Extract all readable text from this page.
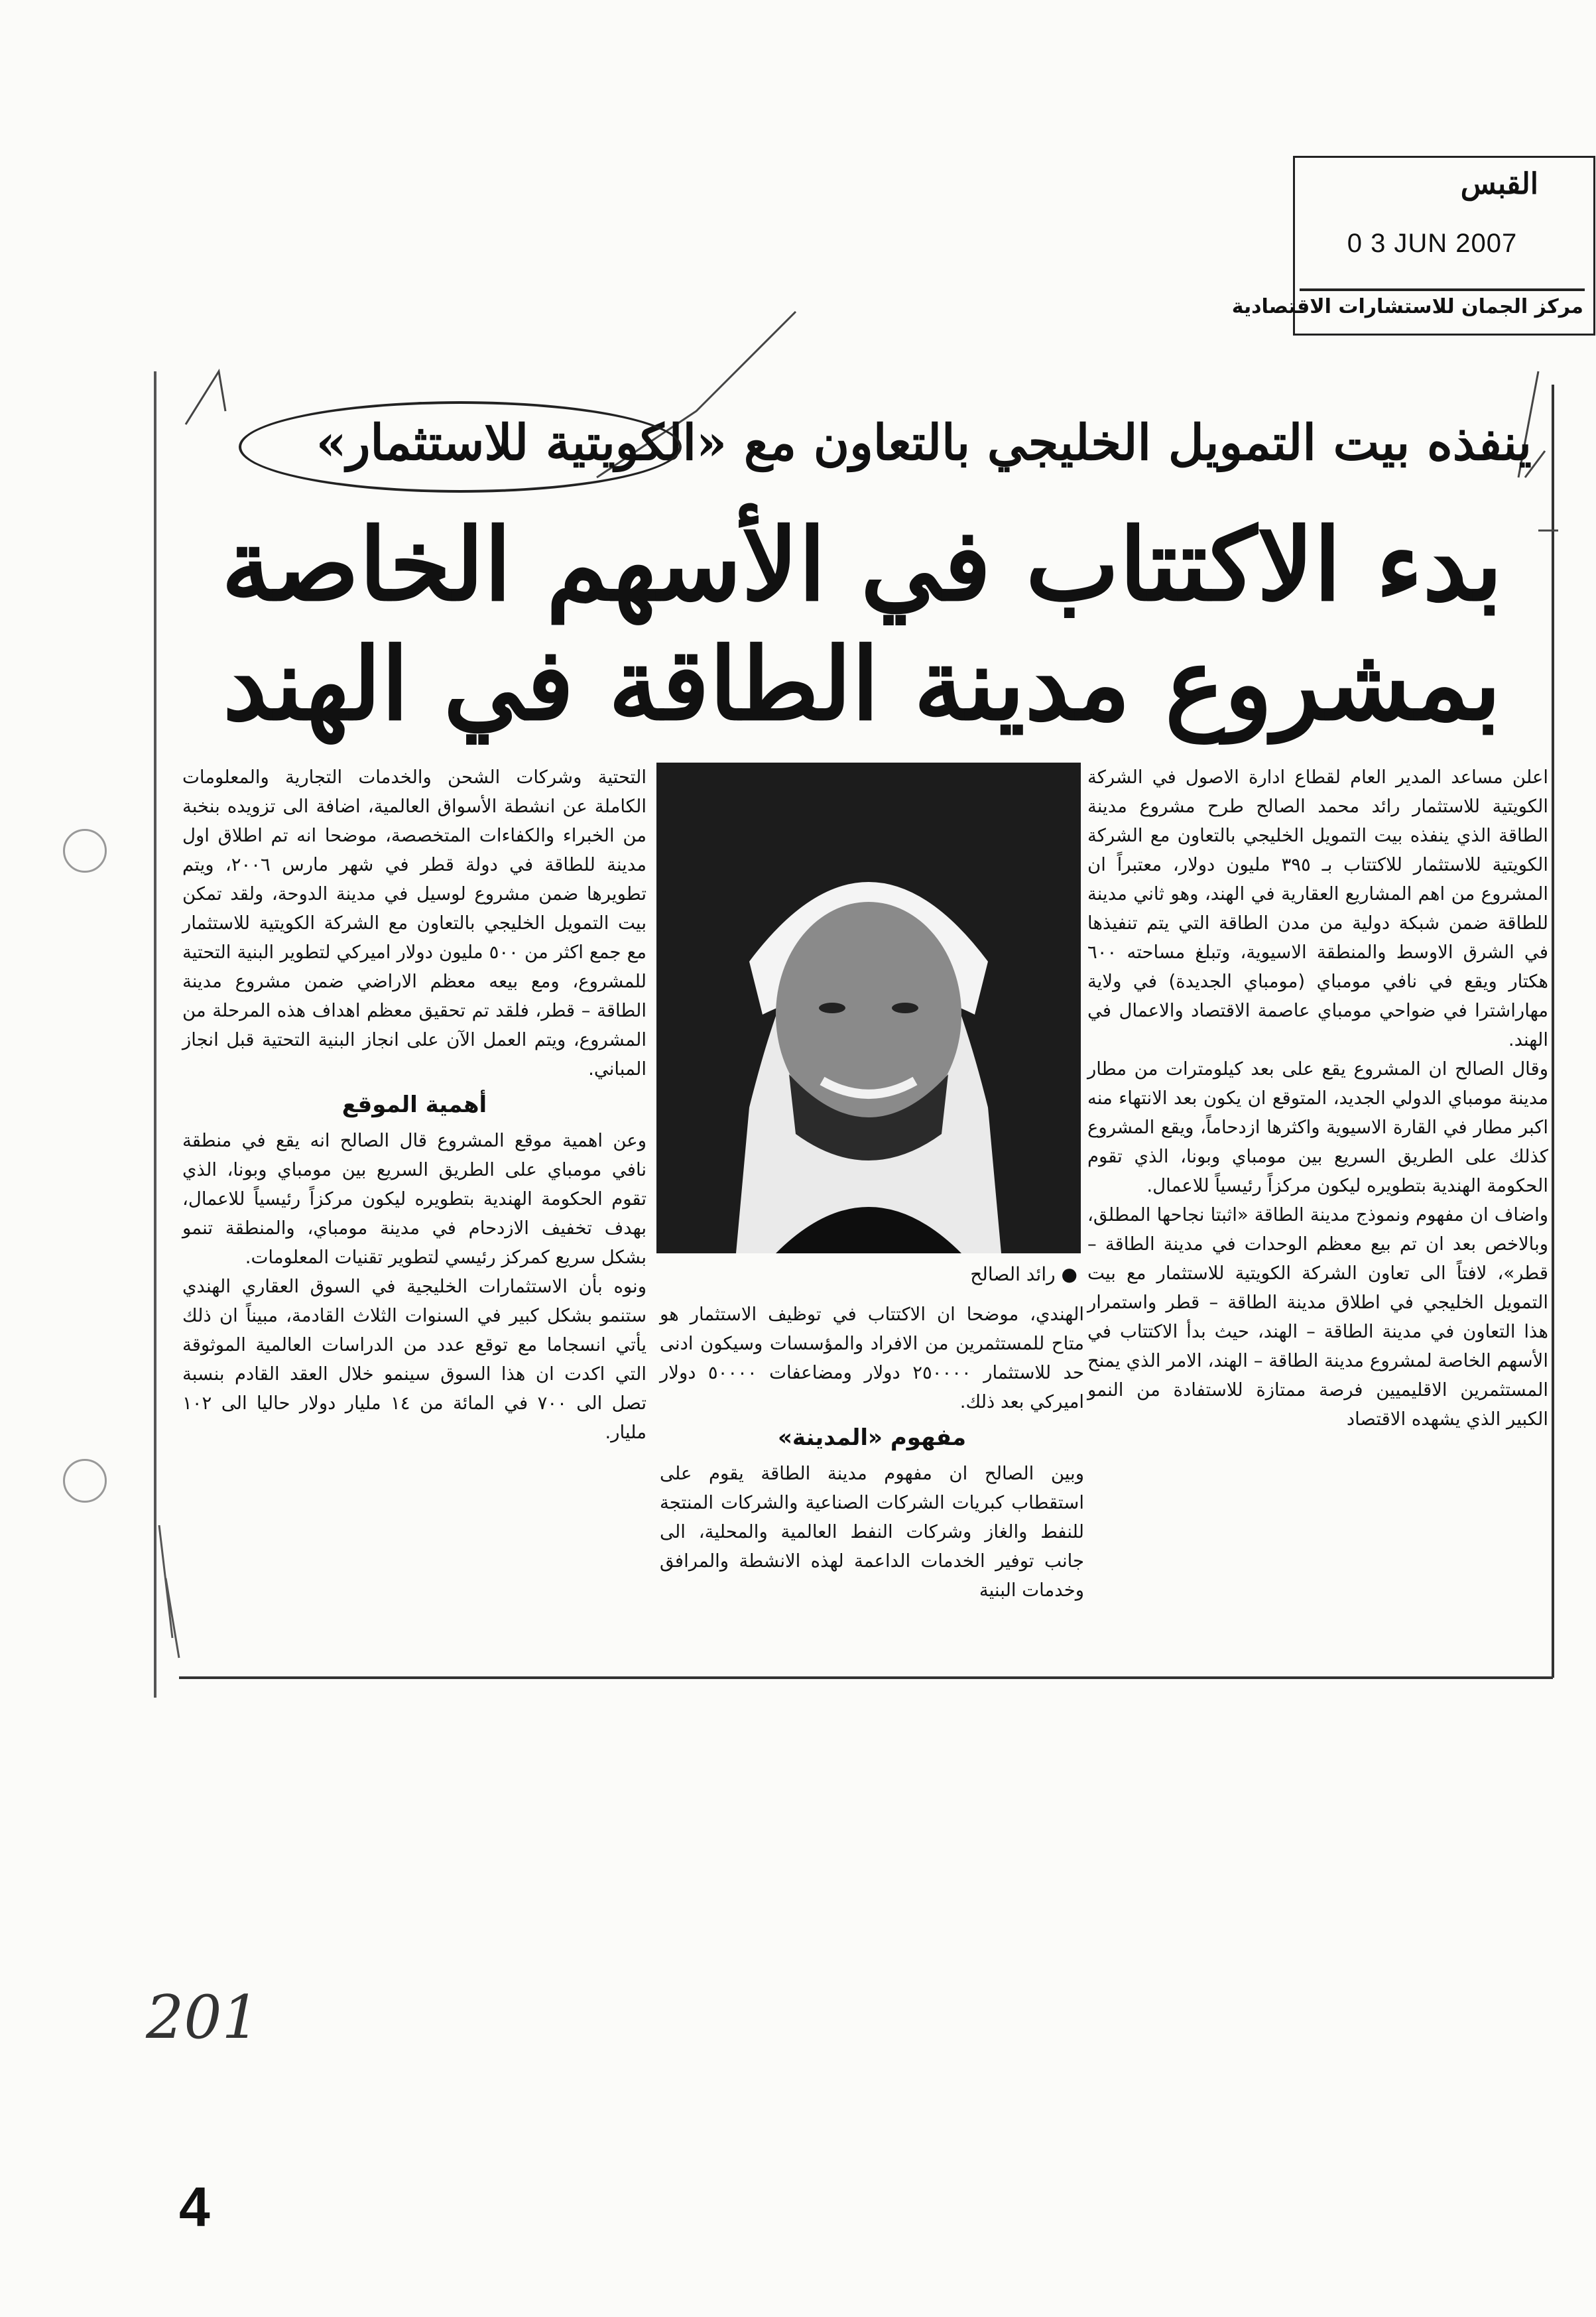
القبس
0 3 JUN 2007
مركز الجمان للاستشارات الاقتصادية
ينفذه بيت التمويل الخليجي بالتعاون مع «الكويتية للاستثمار»
بدء الاكتتاب في الأسهم الخاصة
بمشروع مدينة الطاقة في الهند

اعلن مساعد المدير العام لقطاع ادارة الاصول في الشركة الكويتية للاستثمار رائد محمد الصالح طرح مشروع مدينة الطاقة الذي ينفذه بيت التمويل الخليجي بالتعاون مع الشركة الكويتية للاستثمار للاكتتاب بـ ٣٩٥ مليون دولار، معتبراً ان المشروع من اهم المشاريع العقارية في الهند، وهو ثاني مدينة للطاقة ضمن شبكة دولية من مدن الطاقة التي يتم تنفيذها في الشرق الاوسط والمنطقة الاسيوية، وتبلغ مساحته ٦٠٠ هكتار ويقع في نافي مومباي (مومباي الجديدة) في ولاية مهاراشترا في ضواحي مومباي عاصمة الاقتصاد والاعمال في الهند.

وقال الصالح ان المشروع يقع على بعد كيلومترات من مطار مدينة مومباي الدولي الجديد، المتوقع ان يكون بعد الانتهاء منه اكبر مطار في القارة الاسيوية واكثرها ازدحاماً، ويقع المشروع كذلك على الطريق السريع بين مومباي وبونا، الذي تقوم الحكومة الهندية بتطويره ليكون مركزاً رئيسياً للاعمال.

واضاف ان مفهوم ونموذج مدينة الطاقة «اثبتا نجاحها المطلق، وبالاخص بعد ان تم بيع معظم الوحدات في مدينة الطاقة – قطر»، لافتاً الى تعاون الشركة الكويتية للاستثمار مع بيت التمويل الخليجي في اطلاق مدينة الطاقة – قطر واستمرار هذا التعاون في مدينة الطاقة – الهند، حيث بدأ الاكتتاب في الأسهم الخاصة لمشروع مدينة الطاقة – الهند، الامر الذي يمنح المستثمرين الاقليميين فرصة ممتازة للاستفادة من النمو الكبير الذي يشهده الاقتصاد

● رائد الصالح

الهندي، موضحا ان الاكتتاب في توظيف الاستثمار هو متاح للمستثمرين من الافراد والمؤسسات وسيكون ادنى حد للاستثمار ٢٥٠٠٠٠ دولار ومضاعفات ٥٠٠٠٠ دولار اميركي بعد ذلك.

مفهوم «المدينة»

وبين الصالح ان مفهوم مدينة الطاقة يقوم على استقطاب كبريات الشركات الصناعية والشركات المنتجة للنفط والغاز وشركات النفط العالمية والمحلية، الى جانب توفير الخدمات الداعمة لهذه الانشطة والمرافق وخدمات البنية

التحتية وشركات الشحن والخدمات التجارية والمعلومات الكاملة عن انشطة الأسواق العالمية، اضافة الى تزويده بنخبة من الخبراء والكفاءات المتخصصة، موضحا انه تم اطلاق اول مدينة للطاقة في دولة قطر في شهر مارس ٢٠٠٦، ويتم تطويرها ضمن مشروع لوسيل في مدينة الدوحة، ولقد تمكن بيت التمويل الخليجي بالتعاون مع الشركة الكويتية للاستثمار مع جمع اكثر من ٥٠٠ مليون دولار اميركي لتطوير البنية التحتية للمشروع، ومع بيعه معظم الاراضي ضمن مشروع مدينة الطاقة – قطر، فلقد تم تحقيق معظم اهداف هذه المرحلة من المشروع، ويتم العمل الآن على انجاز البنية التحتية قبل انجاز المباني.

أهمية الموقع

وعن اهمية موقع المشروع قال الصالح انه يقع في منطقة نافي مومباي على الطريق السريع بين مومباي وبونا، الذي تقوم الحكومة الهندية بتطويره ليكون مركزاً رئيسياً للاعمال، بهدف تخفيف الازدحام في مدينة مومباي، والمنطقة تنمو بشكل سريع كمركز رئيسي لتطوير تقنيات المعلومات.

ونوه بأن الاستثمارات الخليجية في السوق العقاري الهندي ستنمو بشكل كبير في السنوات الثلاث القادمة، مبيناً ان ذلك يأتي انسجاما مع توقع عدد من الدراسات العالمية الموثوقة التي اكدت ان هذا السوق سينمو خلال العقد القادم بنسبة تصل الى ٧٠٠ في المائة من ١٤ مليار دولار حاليا الى ١٠٢ مليار.

201
4
